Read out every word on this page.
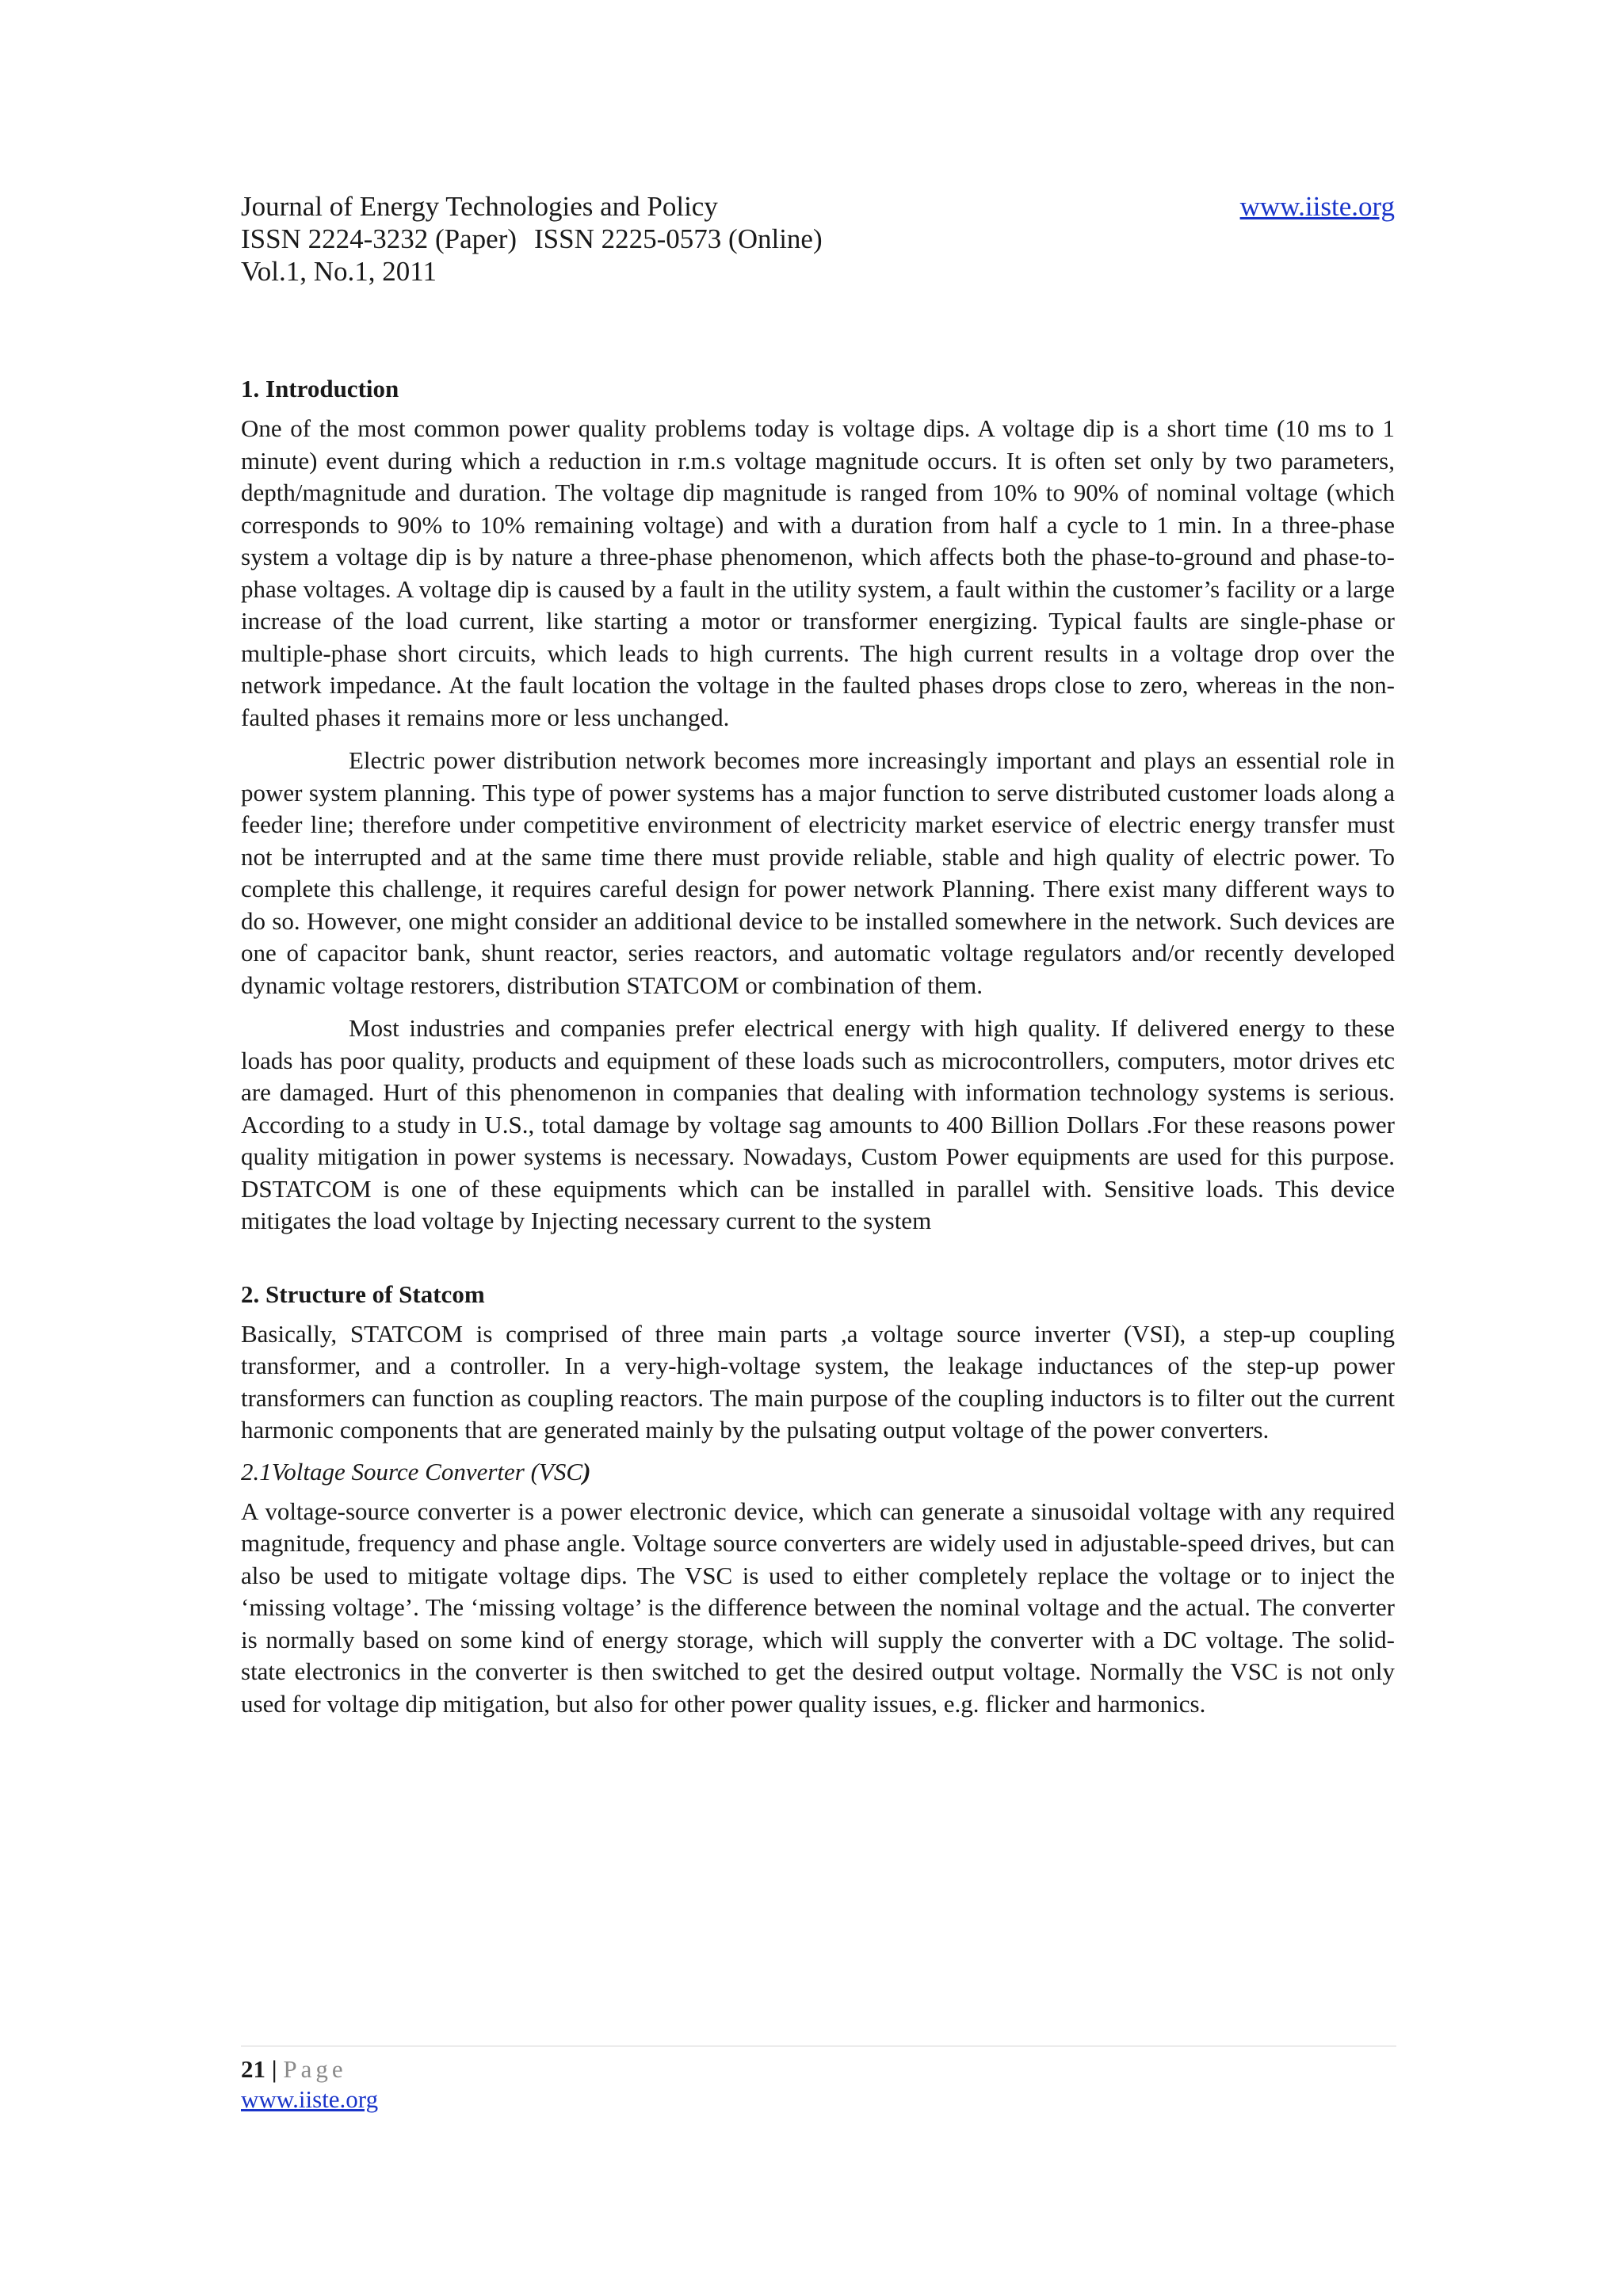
Journal of Energy Technologies and Policy
ISSN 2224-3232 (Paper) ISSN 2225-0573 (Online)
Vol.1, No.1, 2011
www.iiste.org
1. Introduction

One of the most common power quality problems today is voltage dips. A voltage dip is a short time (10 ms to 1 minute) event during which a reduction in r.m.s voltage magnitude occurs. It is often set only by two parameters, depth/magnitude and duration. The voltage dip magnitude is ranged from 10% to 90% of nominal voltage (which corresponds to 90% to 10% remaining voltage) and with a duration from half a cycle to 1 min. In a three-phase system a voltage dip is by nature a three-phase phenomenon, which affects both the phase-to-ground and phase-to-phase voltages. A voltage dip is caused by a fault in the utility system, a fault within the customer’s facility or a large increase of the load current, like starting a motor or transformer energizing. Typical faults are single-phase or multiple-phase short circuits, which leads to high currents. The high current results in a voltage drop over the network impedance. At the fault location the voltage in the faulted phases drops close to zero, whereas in the non-faulted phases it remains more or less unchanged.

Electric power distribution network becomes more increasingly important and plays an essential role in power system planning. This type of power systems has a major function to serve distributed customer loads along a feeder line; therefore under competitive environment of electricity market eservice of electric energy transfer must not be interrupted and at the same time there must provide reliable, stable and high quality of electric power. To complete this challenge, it requires careful design for power network Planning. There exist many different ways to do so. However, one might consider an additional device to be installed somewhere in the network. Such devices are one of capacitor bank, shunt reactor, series reactors, and automatic voltage regulators and/or recently developed dynamic voltage restorers, distribution STATCOM or combination of them.

Most industries and companies prefer electrical energy with high quality. If delivered energy to these loads has poor quality, products and equipment of these loads such as microcontrollers, computers, motor drives etc are damaged. Hurt of this phenomenon in companies that dealing with information technology systems is serious. According to a study in U.S., total damage by voltage sag amounts to 400 Billion Dollars .For these reasons power quality mitigation in power systems is necessary. Nowadays, Custom Power equipments are used for this purpose. DSTATCOM is one of these equipments which can be installed in parallel with. Sensitive loads. This device mitigates the load voltage by Injecting necessary current to the system

2. Structure of Statcom

Basically, STATCOM is comprised of three main parts ,a voltage source inverter (VSI), a step-up coupling transformer, and a controller. In a very-high-voltage system, the leakage inductances of the step-up power transformers can function as coupling reactors. The main purpose of the coupling inductors is to filter out the current harmonic components that are generated mainly by the pulsating output voltage of the power converters.

2.1Voltage Source Converter (VSC)

A voltage-source converter is a power electronic device, which can generate a sinusoidal voltage with any required magnitude, frequency and phase angle. Voltage source converters are widely used in adjustable-speed drives, but can also be used to mitigate voltage dips. The VSC is used to either completely replace the voltage or to inject the ‘missing voltage’. The ‘missing voltage’ is the difference between the nominal voltage and the actual. The converter is normally based on some kind of energy storage, which will supply the converter with a DC voltage. The solid-state electronics in the converter is then switched to get the desired output voltage. Normally the VSC is not only used for voltage dip mitigation, but also for other power quality issues, e.g. flicker and harmonics.

21 | Page
www.iiste.org
